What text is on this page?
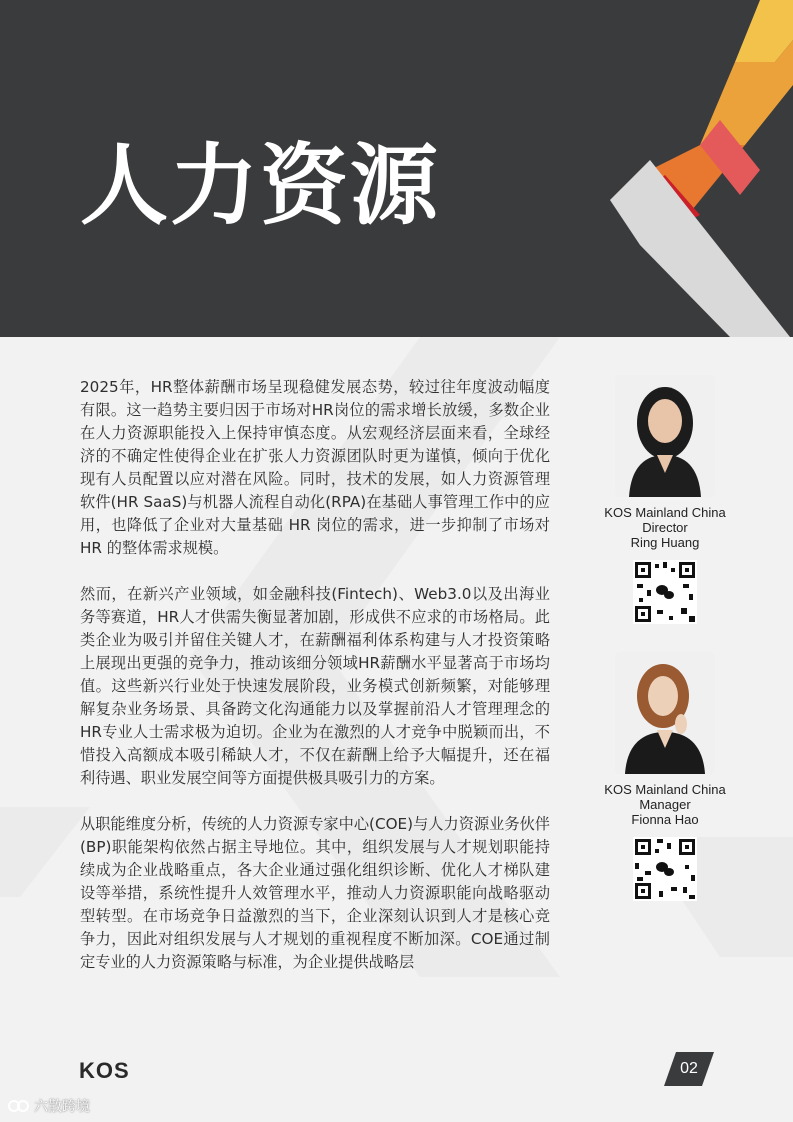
人力资源

2025年，HR整体薪酬市场呈现稳健发展态势，较过往年度波动幅度有限。这一趋势主要归因于市场对HR岗位的需求增长放缓，多数企业在人力资源职能投入上保持审慎态度。从宏观经济层面来看，全球经济的不确定性使得企业在扩张人力资源团队时更为谨慎，倾向于优化现有人员配置以应对潜在风险。同时，技术的发展，如人力资源管理软件(HR SaaS)与机器人流程自动化(RPA)在基础人事管理工作中的应用，也降低了企业对大量基础 HR 岗位的需求，进一步抑制了市场对 HR 的整体需求规模。

然而，在新兴产业领域，如金融科技(Fintech)、Web3.0以及出海业务等赛道，HR人才供需失衡显著加剧，形成供不应求的市场格局。此类企业为吸引并留住关键人才，在薪酬福利体系构建与人才投资策略上展现出更强的竞争力，推动该细分领域HR薪酬水平显著高于市场均值。这些新兴行业处于快速发展阶段，业务模式创新频繁，对能够理解复杂业务场景、具备跨文化沟通能力以及掌握前沿人才管理理念的HR专业人士需求极为迫切。企业为在激烈的人才竞争中脱颖而出，不惜投入高额成本吸引稀缺人才，不仅在薪酬上给予大幅提升，还在福利待遇、职业发展空间等方面提供极具吸引力的方案。

从职能维度分析，传统的人力资源专家中心(COE)与人力资源业务伙伴(BP)职能架构依然占据主导地位。其中，组织发展与人才规划职能持续成为企业战略重点，各大企业通过强化组织诊断、优化人才梯队建设等举措，系统性提升人效管理水平，推动人力资源职能向战略驱动型转型。在市场竞争日益激烈的当下，企业深刻认识到人才是核心竞争力，因此对组织发展与人才规划的重视程度不断加深。COE通过制定专业的人力资源策略与标准，为企业提供战略层

KOS Mainland China
Director
Ring Huang
KOS Mainland China
Manager
Fionna Hao
KOS	02
六散跨境
